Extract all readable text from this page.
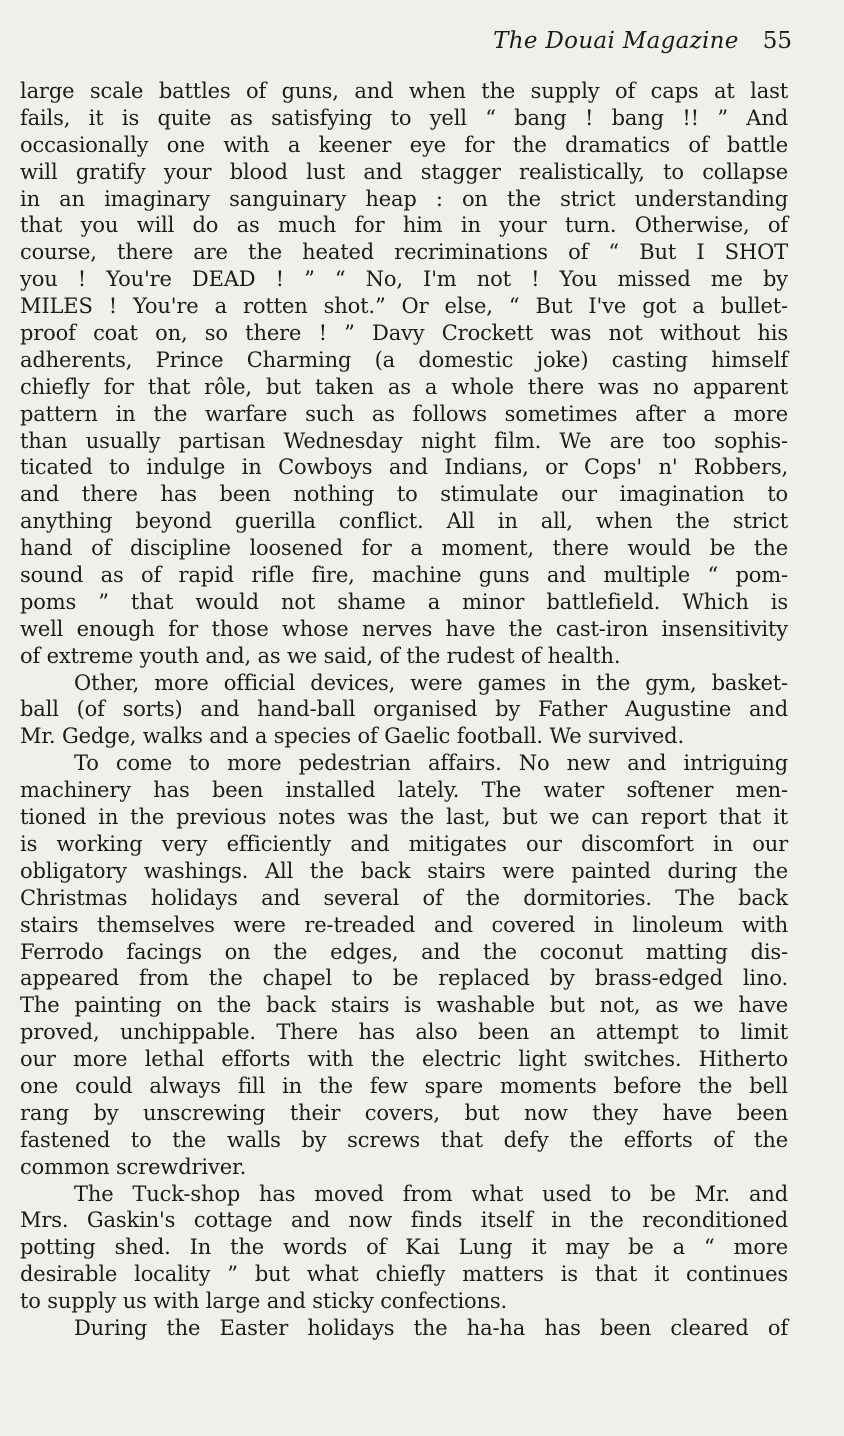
The Douai Magazine 55
large scale battles of guns, and when the supply of caps at last
fails, it is quite as satisfying to yell “ bang ! bang !! ” And
occasionally one with a keener eye for the dramatics of battle
will gratify your blood lust and stagger realistically, to collapse
in an imaginary sanguinary heap : on the strict understanding
that you will do as much for him in your turn. Otherwise, of
course, there are the heated recriminations of “ But I SHOT
you ! You're DEAD ! ” “ No, I'm not ! You missed me by
MILES ! You're a rotten shot.” Or else, “ But I've got a bullet-
proof coat on, so there ! ” Davy Crockett was not without his
adherents, Prince Charming (a domestic joke) casting himself
chiefly for that rôle, but taken as a whole there was no apparent
pattern in the warfare such as follows sometimes after a more
than usually partisan Wednesday night film. We are too sophis-
ticated to indulge in Cowboys and Indians, or Cops' n' Robbers,
and there has been nothing to stimulate our imagination to
anything beyond guerilla conflict. All in all, when the strict
hand of discipline loosened for a moment, there would be the
sound as of rapid rifle fire, machine guns and multiple “ pom-
poms ” that would not shame a minor battlefield. Which is
well enough for those whose nerves have the cast-iron insensitivity
of extreme youth and, as we said, of the rudest of health.
Other, more official devices, were games in the gym, basket-
ball (of sorts) and hand-ball organised by Father Augustine and
Mr. Gedge, walks and a species of Gaelic football. We survived.
To come to more pedestrian affairs. No new and intriguing
machinery has been installed lately. The water softener men-
tioned in the previous notes was the last, but we can report that it
is working very efficiently and mitigates our discomfort in our
obligatory washings. All the back stairs were painted during the
Christmas holidays and several of the dormitories. The back
stairs themselves were re-treaded and covered in linoleum with
Ferrodo facings on the edges, and the coconut matting dis-
appeared from the chapel to be replaced by brass-edged lino.
The painting on the back stairs is washable but not, as we have
proved, unchippable. There has also been an attempt to limit
our more lethal efforts with the electric light switches. Hitherto
one could always fill in the few spare moments before the bell
rang by unscrewing their covers, but now they have been
fastened to the walls by screws that defy the efforts of the
common screwdriver.
The Tuck-shop has moved from what used to be Mr. and
Mrs. Gaskin's cottage and now finds itself in the reconditioned
potting shed. In the words of Kai Lung it may be a “ more
desirable locality ” but what chiefly matters is that it continues
to supply us with large and sticky confections.
During the Easter holidays the ha-ha has been cleared of
